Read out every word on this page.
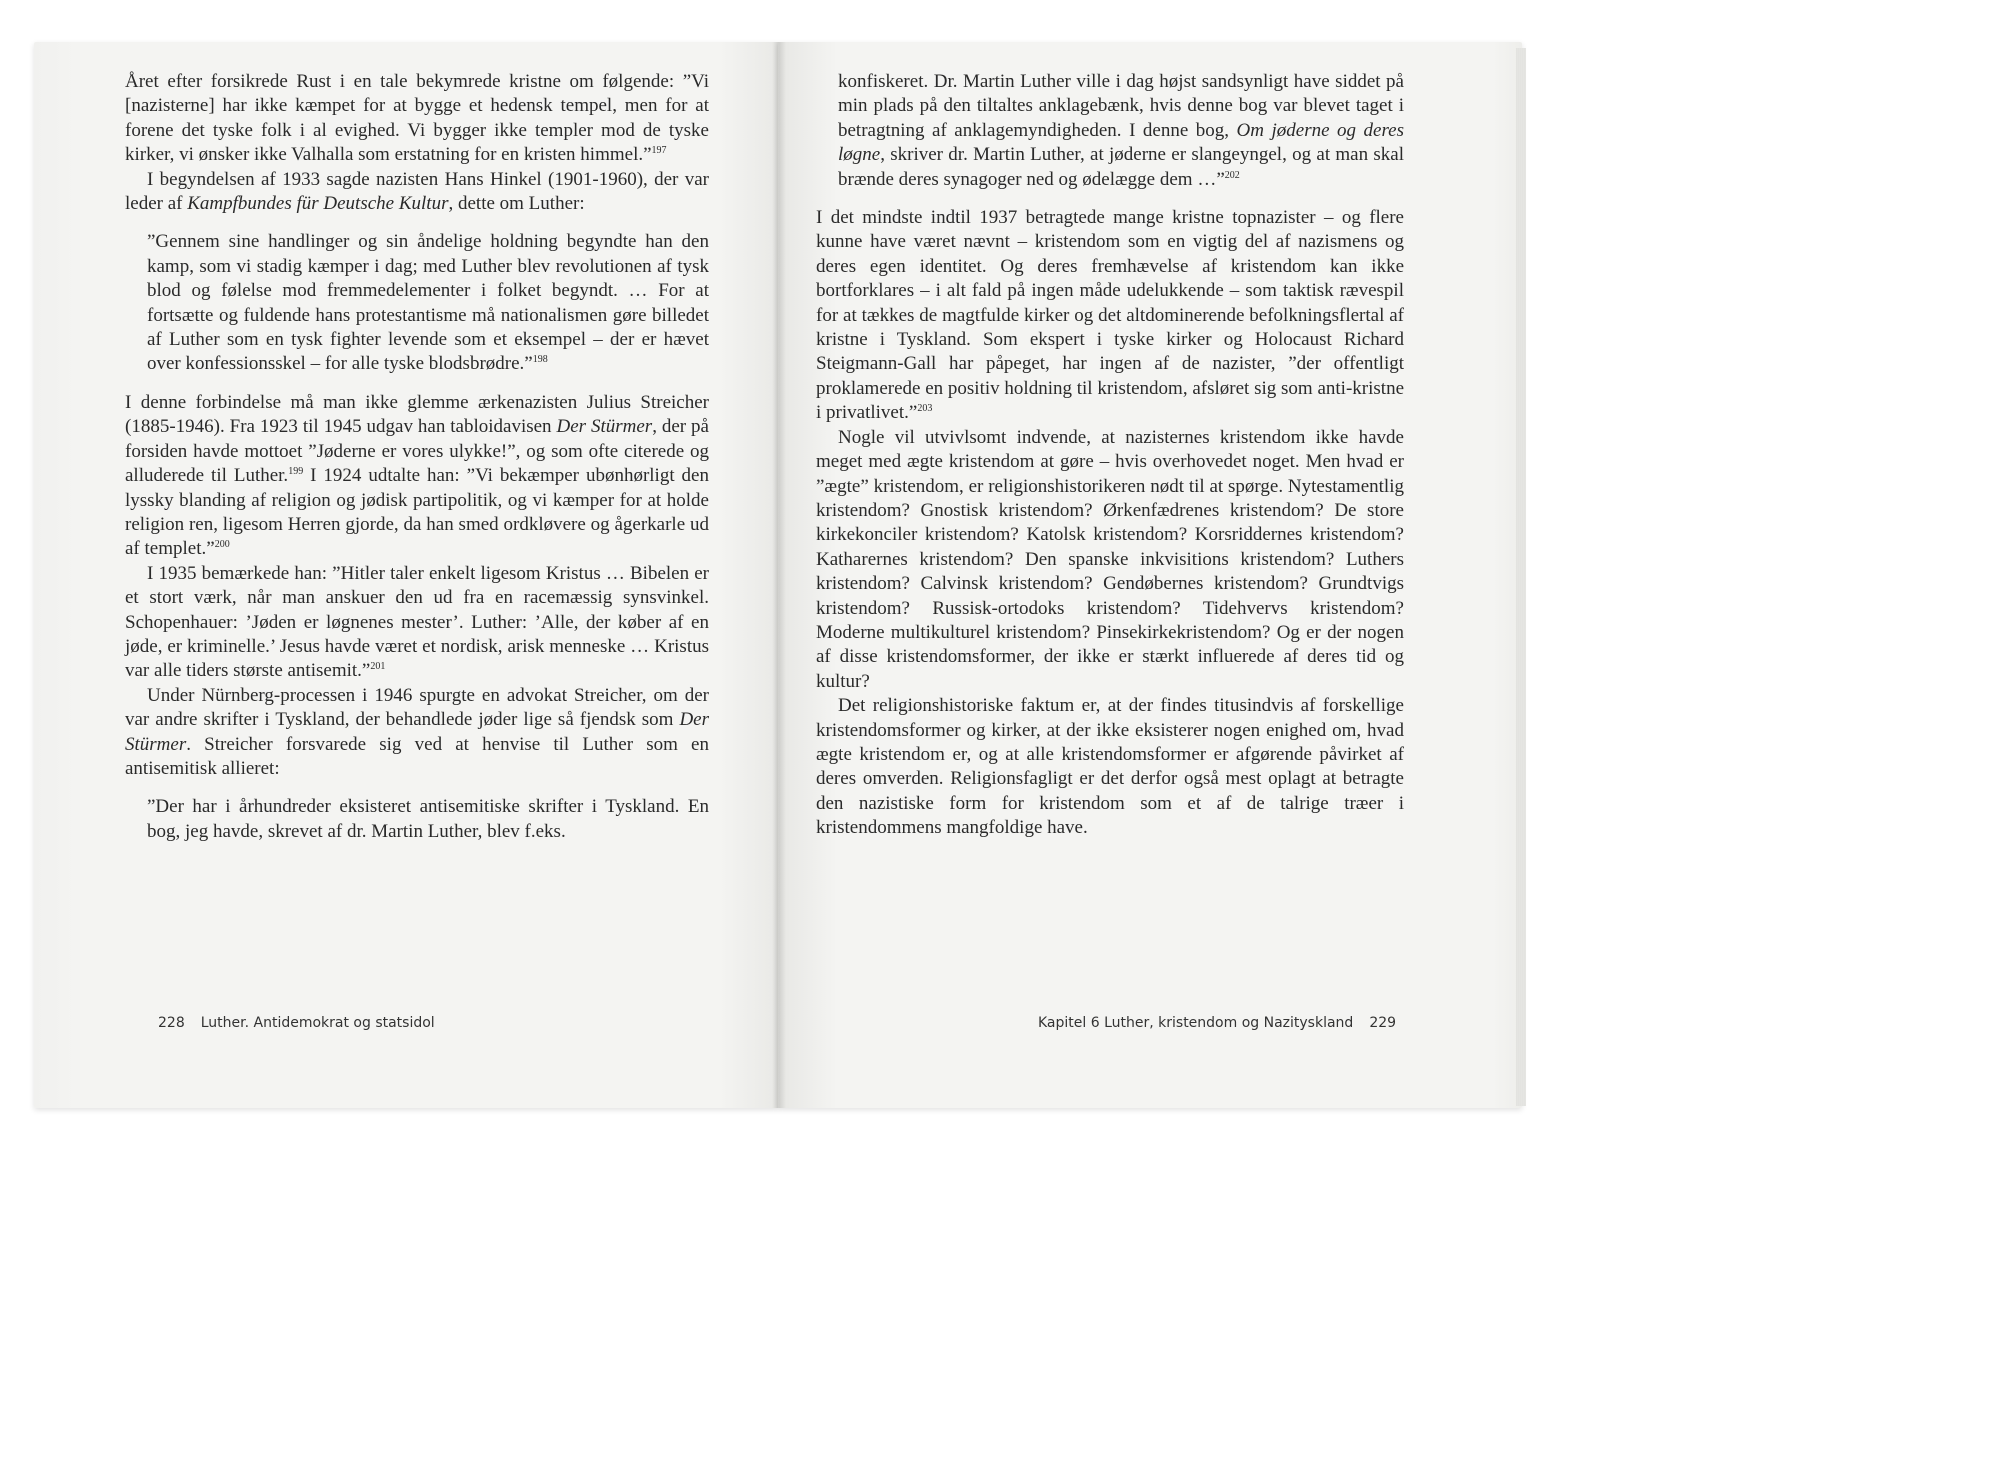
Året efter forsikrede Rust i en tale bekymrede kristne om følgende: ”Vi [nazisterne] har ikke kæmpet for at bygge et hedensk tempel, men for at forene det tyske folk i al evighed. Vi bygger ikke templer mod de tyske kirker, vi ønsker ikke Valhalla som erstatning for en kristen himmel.”$^{197}$

I begyndelsen af 1933 sagde nazisten Hans Hinkel (1901-1960), der var leder af Kampfbundes für Deutsche Kultur, dette om Luther:

”Gennem sine handlinger og sin åndelige holdning begyndte han den kamp, som vi stadig kæmper i dag; med Luther blev revolutionen af tysk blod og følelse mod fremmedelementer i folket begyndt. … For at fortsætte og fuldende hans protestantisme må nationalismen gøre billedet af Luther som en tysk fighter levende som et eksempel – der er hævet over konfessionsskel – for alle tyske blodsbrødre.”$^{198}$

I denne forbindelse må man ikke glemme ærkenazisten Julius Streicher (1885-1946). Fra 1923 til 1945 udgav han tabloidavisen Der Stürmer, der på forsiden havde mottoet ”Jøderne er vores ulykke!”, og som ofte citerede og alluderede til Luther.$^{199}$ I 1924 udtalte han: ”Vi bekæmper ubønhørligt den lyssky blanding af religion og jødisk partipolitik, og vi kæmper for at holde religion ren, ligesom Herren gjorde, da han smed ordkløvere og ågerkarle ud af templet.”$^{200}$

I 1935 bemærkede han: ”Hitler taler enkelt ligesom Kristus … Bibelen er et stort værk, når man anskuer den ud fra en racemæssig synsvinkel. Schopenhauer: ’Jøden er løgnenes mester’. Luther: ’Alle, der køber af en jøde, er kriminelle.’ Jesus havde været et nordisk, arisk menneske … Kristus var alle tiders største antisemit.”$^{201}$

Under Nürnberg-processen i 1946 spurgte en advokat Streicher, om der var andre skrifter i Tyskland, der behandlede jøder lige så fjendsk som Der Stürmer. Streicher forsvarede sig ved at henvise til Luther som en antisemitisk allieret:

”Der har i århundreder eksisteret antisemitiske skrifter i Tyskland. En bog, jeg havde, skrevet af dr. Martin Luther, blev f.eks.

228 Luther. Antidemokrat og statsidol

konfiskeret. Dr. Martin Luther ville i dag højst sandsynligt have siddet på min plads på den tiltaltes anklagebænk, hvis denne bog var blevet taget i betragtning af anklagemyndigheden. I denne bog, Om jøderne og deres løgne, skriver dr. Martin Luther, at jøderne er slangeyngel, og at man skal brænde deres synagoger ned og ødelægge dem …”$^{202}$

I det mindste indtil 1937 betragtede mange kristne topnazister – og flere kunne have været nævnt – kristendom som en vigtig del af nazismens og deres egen identitet. Og deres fremhævelse af kristendom kan ikke bortforklares – i alt fald på ingen måde udelukkende – som taktisk rævespil for at tækkes de magtfulde kirker og det altdominerende befolkningsflertal af kristne i Tyskland. Som ekspert i tyske kirker og Holocaust Richard Steigmann-Gall har påpeget, har ingen af de nazister, ”der offentligt proklamerede en positiv holdning til kristendom, afsløret sig som anti-kristne i privatlivet.”$^{203}$

Nogle vil utvivlsomt indvende, at nazisternes kristendom ikke havde meget med ægte kristendom at gøre – hvis overhovedet noget. Men hvad er ”ægte” kristendom, er religionshistorikeren nødt til at spørge. Nytestamentlig kristendom? Gnostisk kristendom? Ørkenfædrenes kristendom? De store kirkekonciler kristendom? Katolsk kristendom? Korsriddernes kristendom? Katharernes kristendom? Den spanske inkvisitions kristendom? Luthers kristendom? Calvinsk kristendom? Gendøbernes kristendom? Grundtvigs kristendom? Russisk-ortodoks kristendom? Tidehvervs kristendom? Moderne multikulturel kristendom? Pinsekirkekristendom? Og er der nogen af disse kristendomsformer, der ikke er stærkt influerede af deres tid og kultur?

Det religionshistoriske faktum er, at der findes titusindvis af forskellige kristendomsformer og kirker, at der ikke eksisterer nogen enighed om, hvad ægte kristendom er, og at alle kristendomsformer er afgørende påvirket af deres omverden. Religionsfagligt er det derfor også mest oplagt at betragte den nazistiske form for kristendom som et af de talrige træer i kristendommens mangfoldige have.

Kapitel 6 Luther, kristendom og Nazityskland 229
